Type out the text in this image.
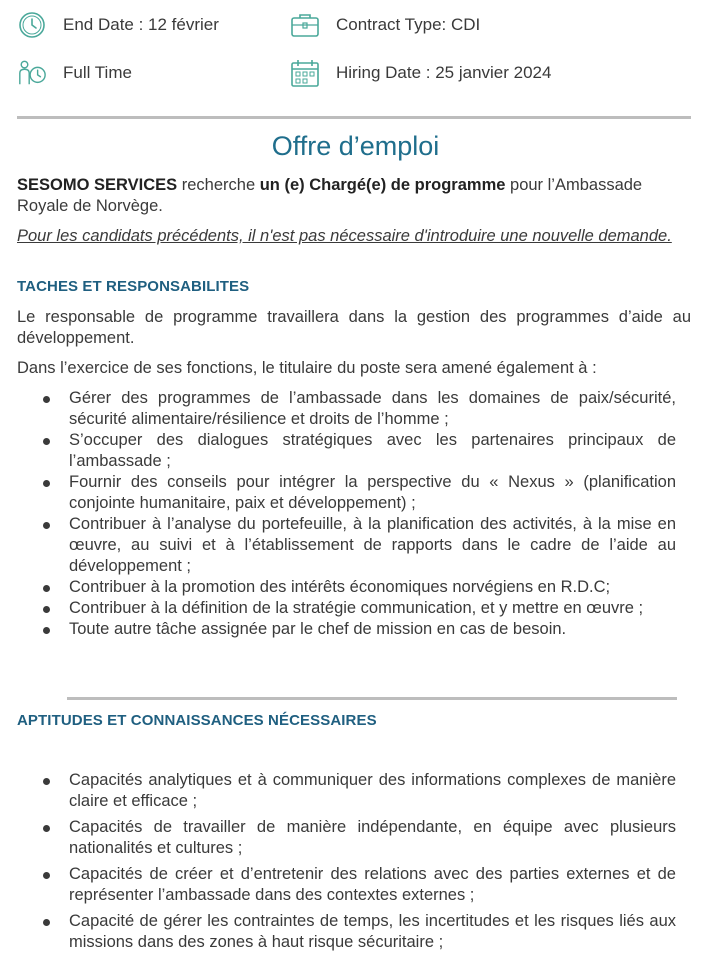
End Date : 12 février	Contract Type: CDI
Full Time	Hiring Date : 25 janvier 2024
Offre d’emploi
SESOMO SERVICES recherche un (e) Chargé(e) de programme pour l’Ambassade Royale de Norvège.
Pour les candidats précédents, il n'est pas nécessaire d'introduire une nouvelle demande.
TACHES ET RESPONSABILITES
Le responsable de programme travaillera dans la gestion des programmes d’aide au développement.
Dans l’exercice de ses fonctions, le titulaire du poste sera amené également à :
Gérer des programmes de l’ambassade dans les domaines de paix/sécurité, sécurité alimentaire/résilience et droits de l’homme ;
S’occuper des dialogues stratégiques avec les partenaires principaux de l’ambassade ;
Fournir des conseils pour intégrer la perspective du « Nexus » (planification conjointe humanitaire, paix et développement) ;
Contribuer à l’analyse du portefeuille, à la planification des activités, à la mise en œuvre, au suivi et à l’établissement de rapports dans le cadre de l’aide au développement ;
Contribuer à la promotion des intérêts économiques norvégiens en R.D.C;
Contribuer à la définition de la stratégie communication, et y mettre en œuvre ;
Toute autre tâche assignée par le chef de mission en cas de besoin.
APTITUDES ET CONNAISSANCES NÉCESSAIRES
Capacités analytiques et à communiquer des informations complexes de manière claire et efficace ;
Capacités de travailler de manière indépendante, en équipe avec plusieurs nationalités et cultures ;
Capacités de créer et d’entretenir des relations avec des parties externes et de représenter l’ambassade dans des contextes externes ;
Capacité de gérer les contraintes de temps, les incertitudes et les risques liés aux missions dans des zones à haut risque sécuritaire ;
